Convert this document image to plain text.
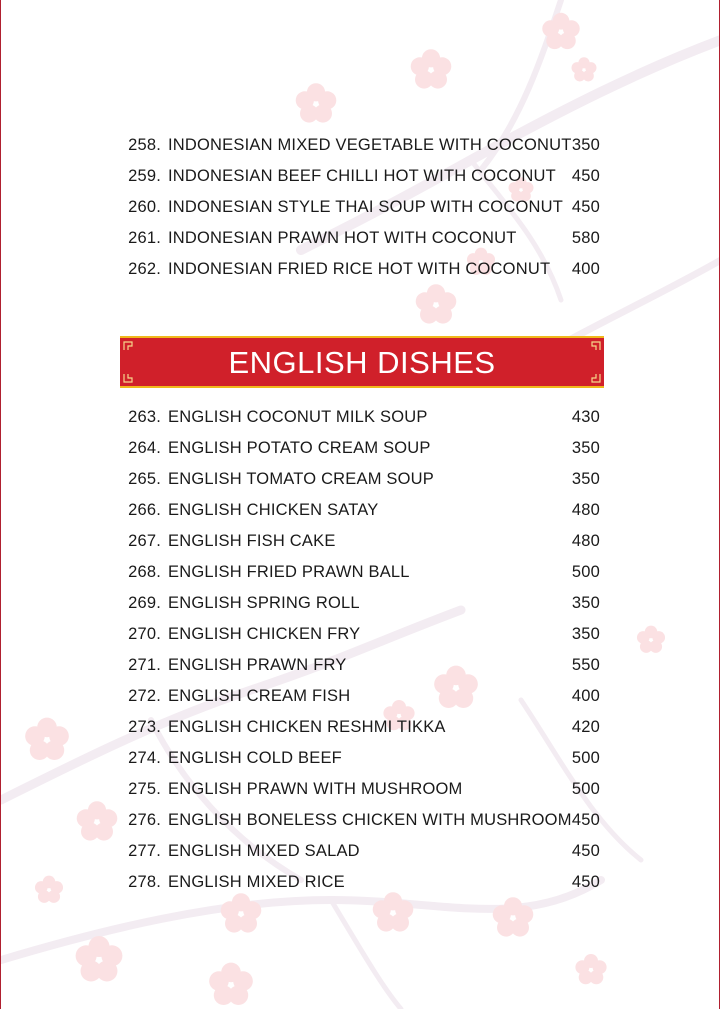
258. INDONESIAN MIXED VEGETABLE WITH COCONUT 350
259. INDONESIAN BEEF CHILLI HOT WITH COCONUT 450
260. INDONESIAN STYLE THAI SOUP WITH COCONUT 450
261. INDONESIAN PRAWN HOT WITH COCONUT	580
262. INDONESIAN FRIED RICE HOT WITH COCONUT 400
ENGLISH DISHES
263. ENGLISH COCONUT MILK SOUP	430
264. ENGLISH POTATO CREAM SOUP	350
265. ENGLISH TOMATO CREAM SOUP	350
266. ENGLISH CHICKEN SATAY	480
267. ENGLISH FISH CAKE	480
268. ENGLISH FRIED PRAWN BALL	500
269. ENGLISH SPRING ROLL	350
270. ENGLISH CHICKEN FRY	350
271. ENGLISH PRAWN FRY	550
272. ENGLISH CREAM FISH	400
273. ENGLISH CHICKEN RESHMI TIKKA	420
274. ENGLISH COLD BEEF	500
275. ENGLISH PRAWN WITH MUSHROOM	500
276. ENGLISH BONELESS CHICKEN WITH MUSHROOM 450
277. ENGLISH MIXED SALAD	450
278. ENGLISH MIXED RICE	450
